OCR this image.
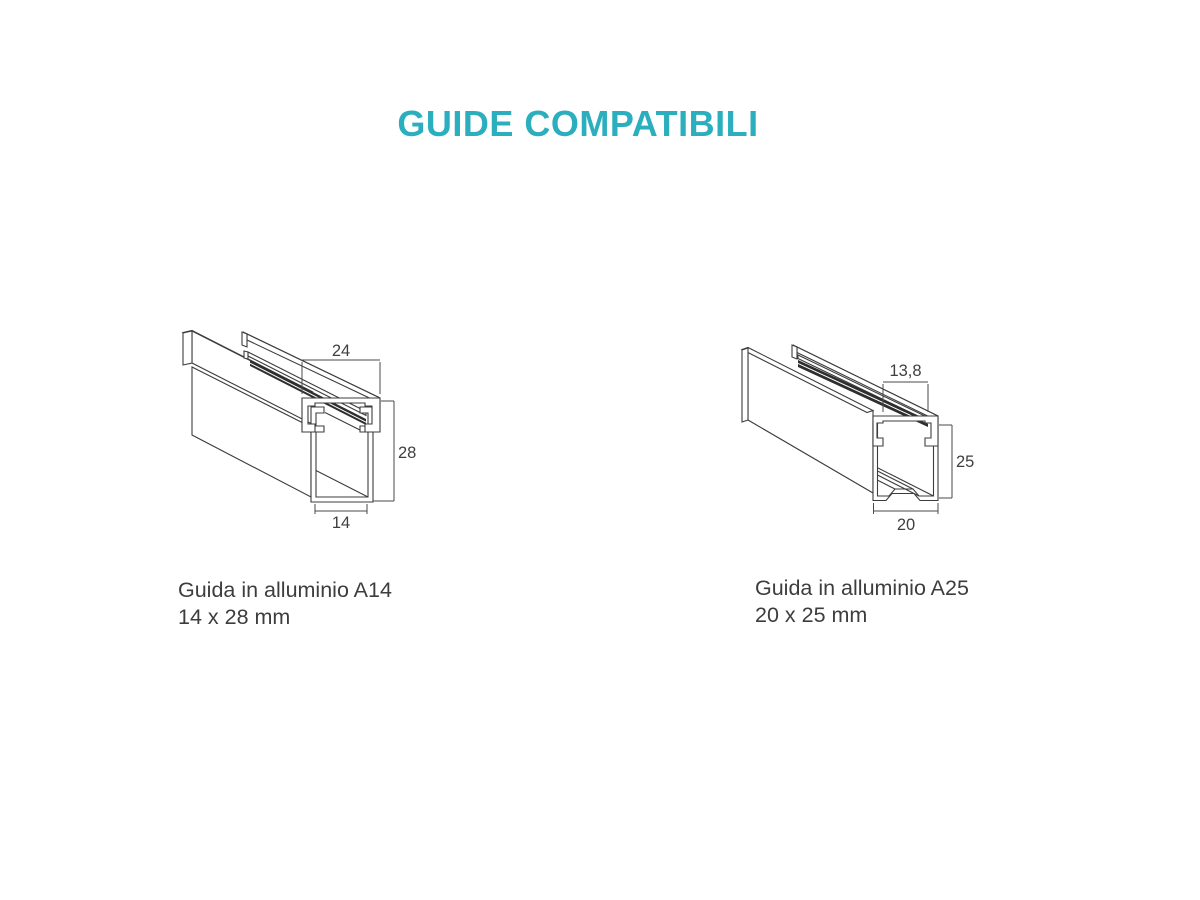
GUIDE COMPATIBILI
24
28
14
Guida in alluminio A14
14 x 28 mm
13,8
25
20
Guida in alluminio A25
20 x 25 mm
